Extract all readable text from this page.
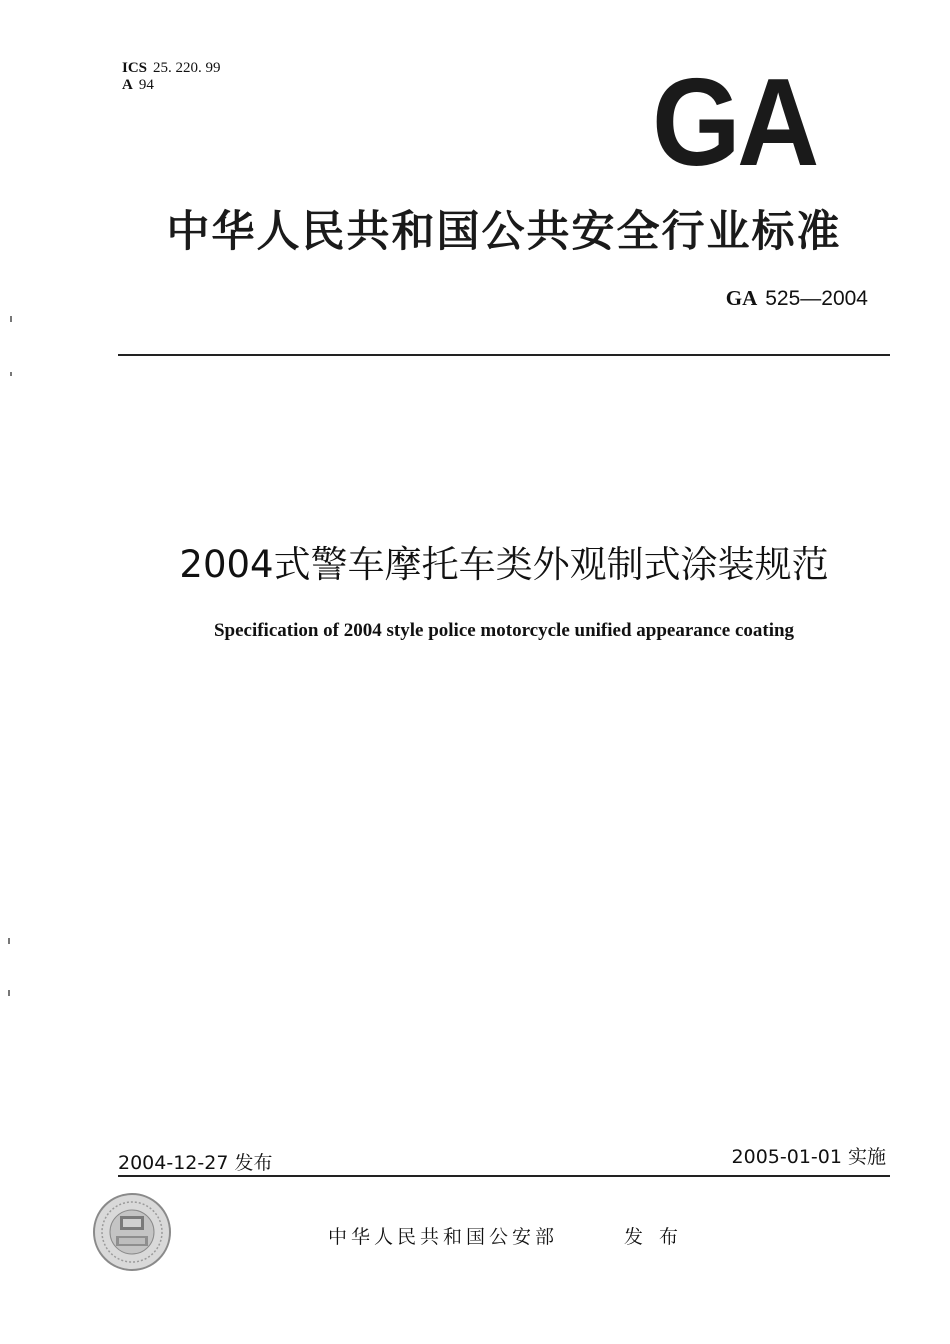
ICS 25. 220. 99
A 94	GA
中华人民共和国公共安全行业标准
GA 525—2004
2004式警车摩托车类外观制式涂装规范
Specification of 2004 style police motorcycle unified appearance coating
2004-12-27 发布	2005-01-01 实施
中华人民共和国公安部	发布
